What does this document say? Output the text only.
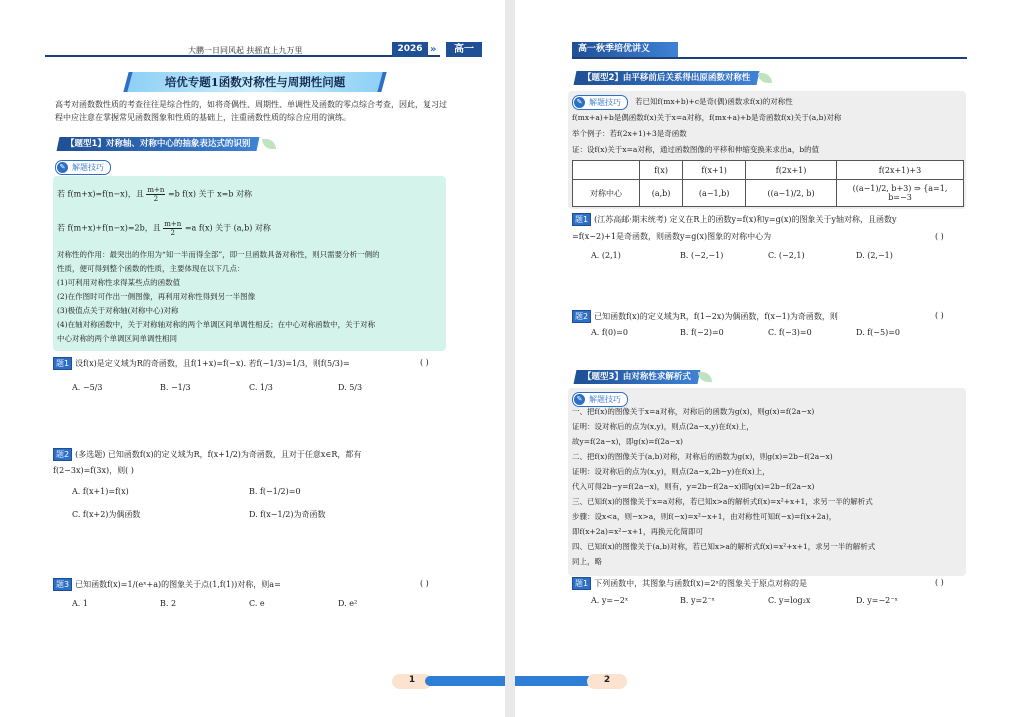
大鹏一日同风起 扶摇直上九万里	2026 »	高一
培优专题1函数对称性与周期性问题
高考对函数数性质的考查往往是综合性的，如将奇偶性、周期性、单调性及函数的零点综合考查，因此，复习过程中应注意在掌握常见函数图象和性质的基础上，注重函数性质的综合应用的演练。
【题型1】对称轴、对称中心的抽象表达式的识别
✎ 解题技巧
若 f(m+x)=f(n−x)，且 $\frac{m+n}{2} =b$ f(x) 关于 x=b 对称
若 f(m+x)+f(n−x)=2b，且 $\frac{m+n}{2} =a$ f(x) 关于 (a,b) 对称
对称性的作用：最突出的作用为“知一半而得全部”，即一旦函数具备对称性，则只需要分析一侧的
性质，便可得到整个函数的性质，主要体现在以下几点：
(1)可利用对称性求得某些点的函数值
(2)在作图时可作出一侧图像，再利用对称性得到另一半图像
(3)极值点关于对称轴(对称中心)对称
(4)在轴对称函数中，关于对称轴对称的两个单调区间单调性相反；在中心对称函数中，关于对称
中心对称的两个单调区间单调性相同
题1 设f(x)是定义域为R的奇函数，且f(1+x)=f(−x). 若f(−1/3)=1/3，则f(5/3)=	( )
A. −5/3	B. −1/3	C. 1/3	D. 5/3
题2 (多选题) 已知函数f(x)的定义域为R，f(x+1/2)为奇函数，且对于任意x∈R，都有
f(2−3x)=f(3x)，则( )
A. f(x+1)=f(x)	B. f(−1/2)=0
C. f(x+2)为偶函数	D. f(x−1/2)为奇函数
题3 已知函数f(x)=1/(eˣ+a)的图象关于点(1,f(1))对称，则a=	( )
A. 1	B. 2	C. e	D. e²
1
高一秋季培优讲义
【题型2】由平移前后关系得出原函数对称性
✎ 解题技巧	若已知f(mx+b)+c是奇(偶)函数求f(x)的对称性
f(mx+a)+b是偶函数f(x)关于x=a对称，f(mx+a)+b是奇函数f(x)关于(a,b)对称
举个例子：若f(2x+1)+3是奇函数
证：设f(x)关于x=a对称，通过函数图像的平移和伸缩变换来求出a，b的值
	f(x)	f(x+1)	f(2x+1)	f(2x+1)+3
对称中心	(a,b)	(a−1,b)	((a−1)/2, b)	((a−1)/2, b+3) ⇒ {a=1, b=−3
题1 (江苏高邮·期末统考) 定义在R上的函数y=f(x)和y=g(x)的图象关于y轴对称，且函数y
=f(x−2)+1是奇函数，则函数y=g(x)图象的对称中心为	( )
A. (2,1)	B. (−2,−1)	C. (−2,1)	D. (2,−1)
题2 已知函数f(x)的定义域为R，f(1−2x)为偶函数，f(x−1)为奇函数，则	( )
A. f(0)=0	B. f(−2)=0	C. f(−3)=0	D. f(−5)=0
【题型3】由对称性求解析式
✎ 解题技巧
一、把f(x)的图像关于x=a对称，对称后的函数为g(x)，则g(x)=f(2a−x)
证明：设对称后的点为(x,y)，则点(2a−x,y)在f(x)上，
故y=f(2a−x)，即g(x)=f(2a−x)
二、把f(x)的图像关于(a,b)对称，对称后的函数为g(x)，则g(x)=2b−f(2a−x)
证明：设对称后的点为(x,y)，则点(2a−x,2b−y)在f(x)上，
代入可得2b−y=f(2a−x)，则有，y=2b−f(2a−x)即g(x)=2b−f(2a−x)
三、已知f(x)的图像关于x=a对称，若已知x>a的解析式f(x)=x²+x+1，求另一半的解析式
步骤：设x<a，则−x>a，则f(−x)=x²−x+1，由对称性可知f(−x)=f(x+2a)，
即f(x+2a)=x²−x+1，再换元化简即可
四、已知f(x)的图像关于(a,b)对称，若已知x>a的解析式f(x)=x²+x+1，求另一半的解析式
同上，略
题1 下列函数中，其图象与函数f(x)=2ˣ的图象关于原点对称的是	( )
A. y=−2ˣ	B. y=2⁻ˣ	C. y=log₂x	D. y=−2⁻ˣ
2
